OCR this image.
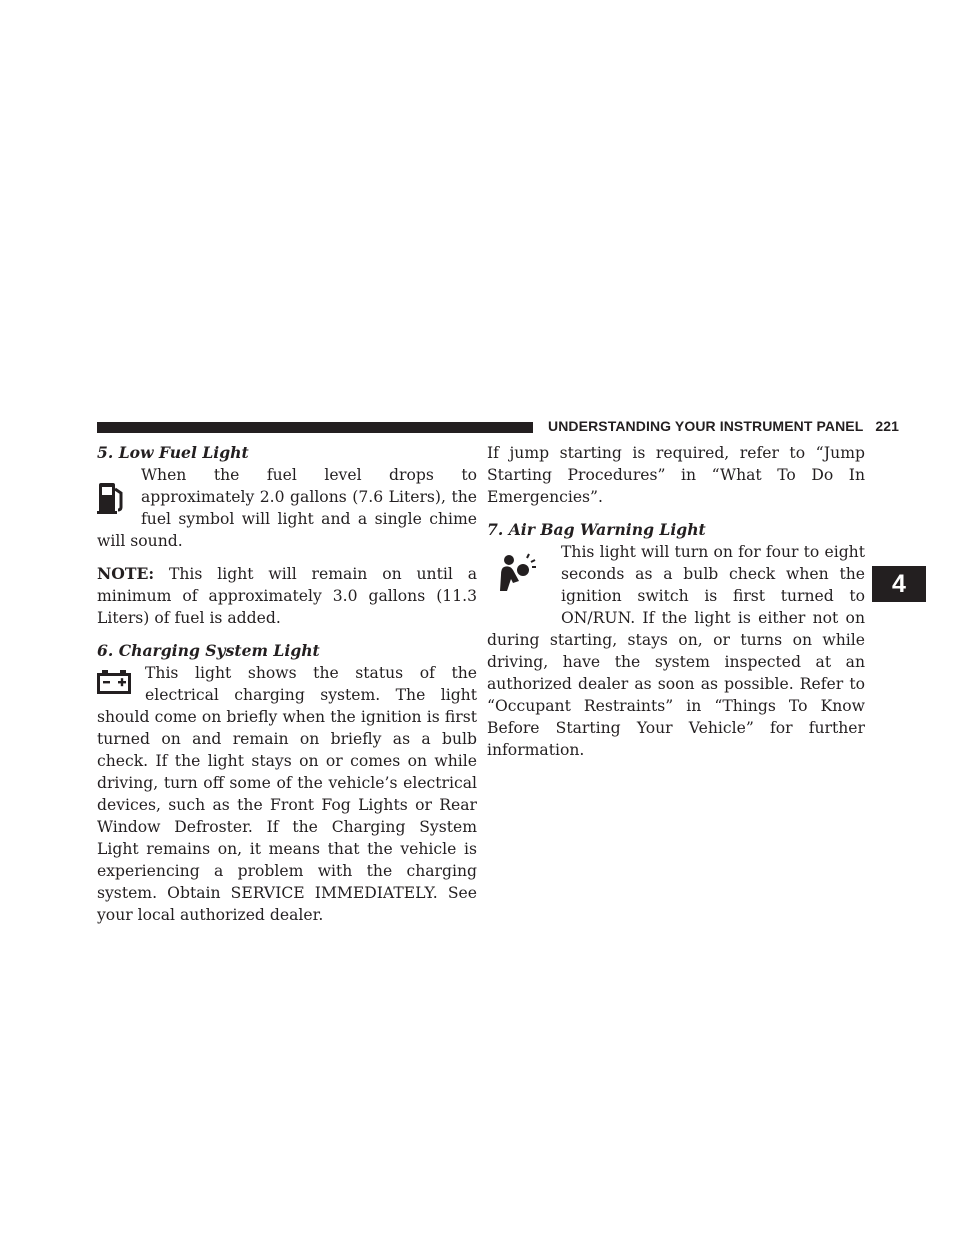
UNDERSTANDING YOUR INSTRUMENT PANEL 221
4

5. Low Fuel Light

When the fuel level drops to approximately 2.0 gallons (7.6 Liters), the fuel symbol will light and a single chime will sound.

NOTE: This light will remain on until a minimum of approximately 3.0 gallons (11.3 Liters) of fuel is added.

6. Charging System Light

This light shows the status of the electrical charging system. The light should come on briefly when the ignition is first turned on and remain on briefly as a bulb check. If the light stays on or comes on while driving, turn off some of the vehicle’s electrical devices, such as the Front Fog Lights or Rear Window Defroster. If the Charging System Light remains on, it means that the vehicle is experiencing a problem with the charging system. Obtain SERVICE IMMEDIATELY. See your local authorized dealer.

If jump starting is required, refer to “Jump Starting Procedures” in “What To Do In Emergencies”.

7. Air Bag Warning Light

This light will turn on for four to eight seconds as a bulb check when the ignition switch is first turned to ON/RUN. If the light is either not on during starting, stays on, or turns on while driving, have the system inspected at an authorized dealer as soon as possible. Refer to “Occupant Restraints” in “Things To Know Before Starting Your Vehicle” for further information.
